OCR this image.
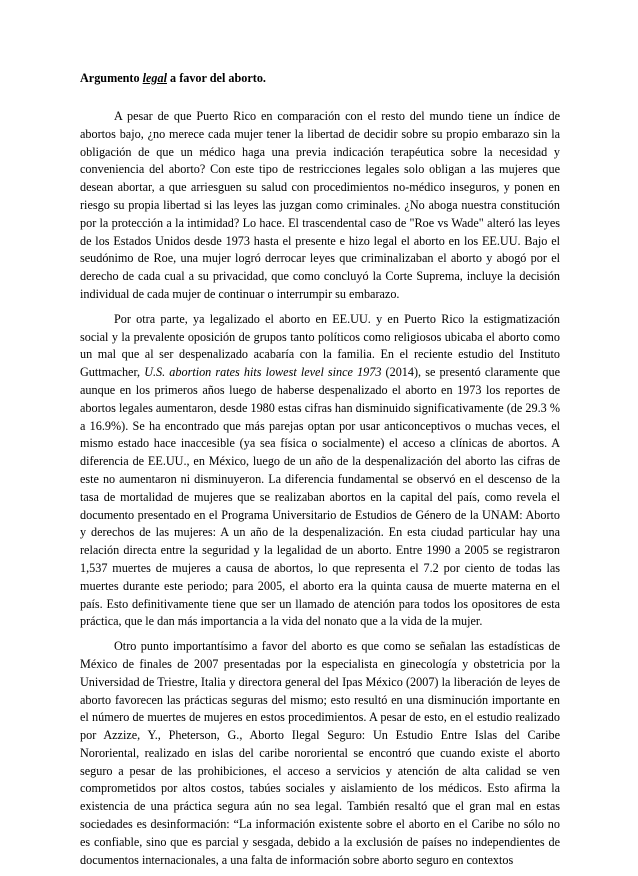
Argumento legal a favor del aborto.

A pesar de que Puerto Rico en comparación con el resto del mundo tiene un índice de abortos bajo, ¿no merece cada mujer tener la libertad de decidir sobre su propio embarazo sin la obligación de que un médico haga una previa indicación terapéutica sobre la necesidad y conveniencia del aborto? Con este tipo de restricciones legales solo obligan a las mujeres que desean abortar, a que arriesguen su salud con procedimientos no-médico inseguros, y ponen en riesgo su propia libertad si las leyes las juzgan como criminales. ¿No aboga nuestra constitución por la protección a la intimidad? Lo hace. El trascendental caso de "Roe vs Wade" alteró las leyes de los Estados Unidos desde 1973 hasta el presente e hizo legal el aborto en los EE.UU. Bajo el seudónimo de Roe, una mujer logró derrocar leyes que criminalizaban el aborto y abogó por el derecho de cada cual a su privacidad, que como concluyó la Corte Suprema, incluye la decisión individual de cada mujer de continuar o interrumpir su embarazo.

Por otra parte, ya legalizado el aborto en EE.UU. y en Puerto Rico la estigmatización social y la prevalente oposición de grupos tanto políticos como religiosos ubicaba el aborto como un mal que al ser despenalizado acabaría con la familia. En el reciente estudio del Instituto Guttmacher, U.S. abortion rates hits lowest level since 1973 (2014), se presentó claramente que aunque en los primeros años luego de haberse despenalizado el aborto en 1973 los reportes de abortos legales aumentaron, desde 1980 estas cifras han disminuido significativamente (de 29.3 % a 16.9%). Se ha encontrado que más parejas optan por usar anticonceptivos o muchas veces, el mismo estado hace inaccesible (ya sea física o socialmente) el acceso a clínicas de abortos. A diferencia de EE.UU., en México, luego de un año de la despenalización del aborto las cifras de este no aumentaron ni disminuyeron. La diferencia fundamental se observó en el descenso de la tasa de mortalidad de mujeres que se realizaban abortos en la capital del país, como revela el documento presentado en el Programa Universitario de Estudios de Género de la UNAM: Aborto y derechos de las mujeres: A un año de la despenalización. En esta ciudad particular hay una relación directa entre la seguridad y la legalidad de un aborto. Entre 1990 a 2005 se registraron 1,537 muertes de mujeres a causa de abortos, lo que representa el 7.2 por ciento de todas las muertes durante este periodo; para 2005, el aborto era la quinta causa de muerte materna en el país. Esto definitivamente tiene que ser un llamado de atención para todos los opositores de esta práctica, que le dan más importancia a la vida del nonato que a la vida de la mujer.

Otro punto importantísimo a favor del aborto es que como se señalan las estadísticas de México de finales de 2007 presentadas por la especialista en ginecología y obstetricia por la Universidad de Triestre, Italia y directora general del Ipas México (2007) la liberación de leyes de aborto favorecen las prácticas seguras del mismo; esto resultó en una disminución importante en el número de muertes de mujeres en estos procedimientos. A pesar de esto, en el estudio realizado por Azzize, Y., Pheterson, G., Aborto Ilegal Seguro: Un Estudio Entre Islas del Caribe Nororiental, realizado en islas del caribe nororiental se encontró que cuando existe el aborto seguro a pesar de las prohibiciones, el acceso a servicios y atención de alta calidad se ven comprometidos por altos costos, tabúes sociales y aislamiento de los médicos. Esto afirma la existencia de una práctica segura aún no sea legal. También resaltó que el gran mal en estas sociedades es desinformación: “La información existente sobre el aborto en el Caribe no sólo no es confiable, sino que es parcial y sesgada, debido a la exclusión de países no independientes de documentos internacionales, a una falta de información sobre aborto seguro en contextos
